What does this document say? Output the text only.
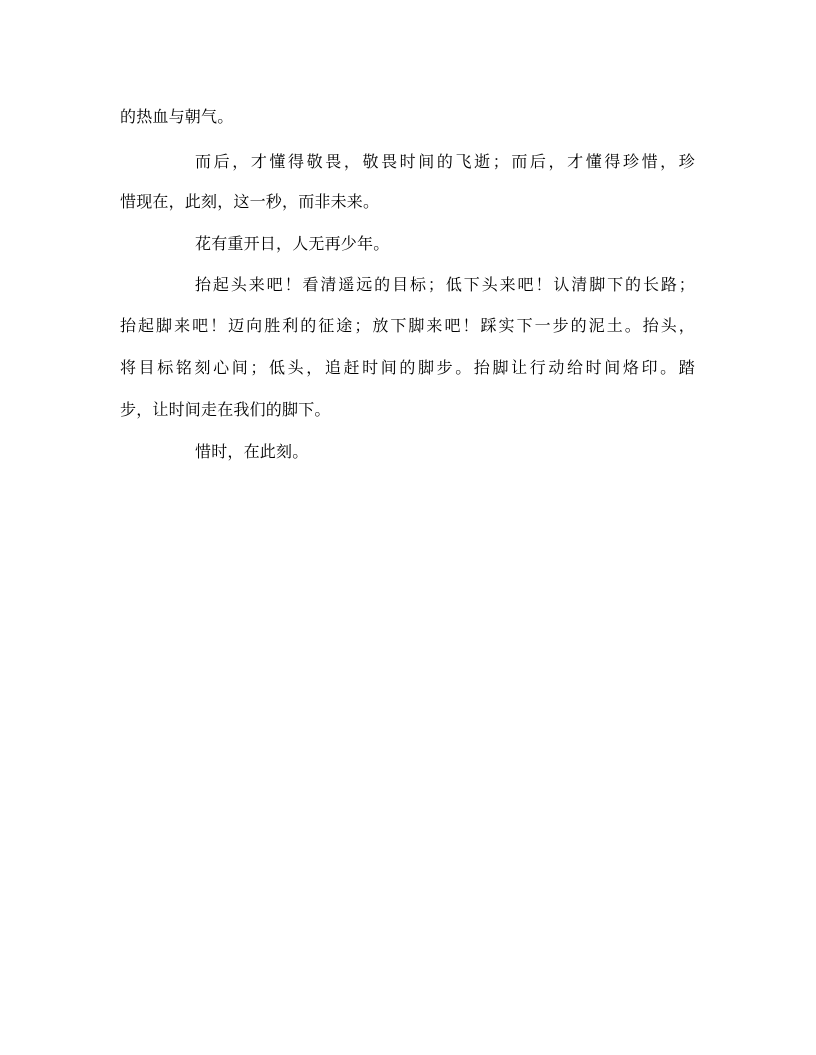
的热血与朝气。
而后，才懂得敬畏，敬畏时间的飞逝；而后，才懂得珍惜，珍
惜现在，此刻，这一秒，而非未来。
花有重开日，人无再少年。
抬起头来吧！看清遥远的目标；低下头来吧！认清脚下的长路；
抬起脚来吧！迈向胜利的征途；放下脚来吧！踩实下一步的泥土。抬头，
将目标铭刻心间；低头，追赶时间的脚步。抬脚让行动给时间烙印。踏
步，让时间走在我们的脚下。
惜时，在此刻。
